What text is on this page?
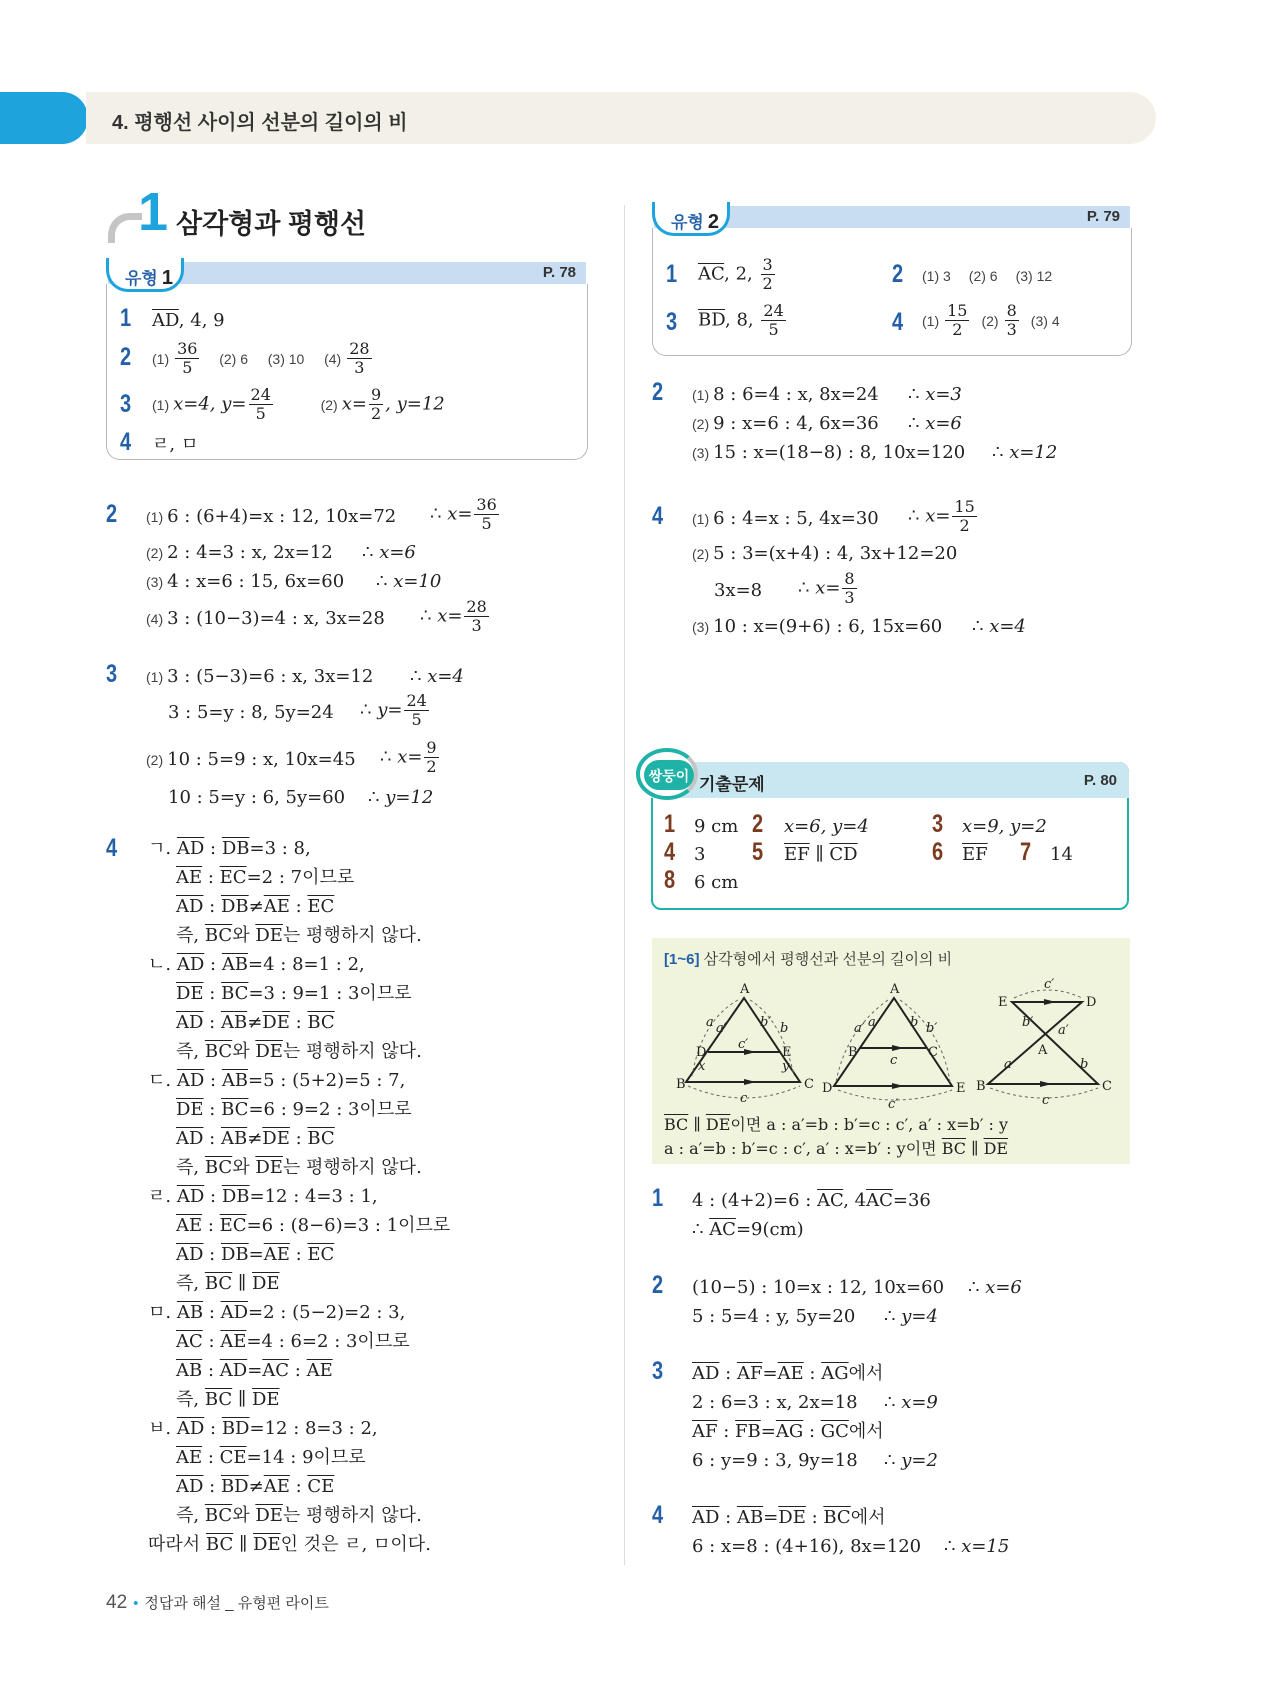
4. 평행선 사이의 선분의 길이의 비
1 삼각형과 평행선
P. 78
유형 1
1 $\overline{AD}$, 4, 9
2 $(1) \frac{36}{5} (2)$ 6 (3) 10 $(4) \frac{28}{3}$
3 (1) x=4, $y= \frac{24}{5}$	(2) $x= \frac{9}{2}$ , y=12
4 ㄹ, ㅁ
2 (1) 6 : (6+4)=x : 12, 10x=72 ∴ $x= \frac{36}{5}$
(2) 2 : 4=3 : x, 2x=12 ∴ x=6
(3) 4 : x=6 : 15, 6x=60 ∴ x=10
(4) 3 : (10−3)=4 : x, 3x=28 ∴ $x= \frac{28}{3}$
3 (1) 3 : (5−3)=6 : x, 3x=12 ∴ x=4
3 : 5=y : 8, 5y=24 ∴ $y= \frac{24}{5}$
(2) 10 : 5=9 : x, 10x=45 ∴ $x= \frac{9}{2}$
10 : 5=y : 6, 5y=60 ∴ y=12
4 ㄱ. $\overline{AD}$ : $\overline{DB}=3$ : 8,
$\overline{AE}$ : $\overline{EC}=2$ : 7이므로
$\overline{AD}$ : $\overline{DB}\ne\overline{AE}$ : $\overline{EC}$
즉, $\overline{BC}$와 $\overline{DE}$는 평행하지 않다.
ㄴ. $\overline{AD}$ : $\overline{AB}=4$ : 8=1 : 2,
$\overline{DE}$ : $\overline{BC}=3$ : 9=1 : 3이므로
$\overline{AD}$ : $\overline{AB}\ne\overline{DE}$ : $\overline{BC}$
즉, $\overline{BC}$와 $\overline{DE}$는 평행하지 않다.
ㄷ. $\overline{AD}$ : $\overline{AB}=5$ : (5+2)=5 : 7,
$\overline{DE}$ : $\overline{BC}=6$ : 9=2 : 3이므로
$\overline{AD}$ : $\overline{AB}\ne\overline{DE}$ : $\overline{BC}$
즉, $\overline{BC}$와 $\overline{DE}$는 평행하지 않다.
ㄹ. $\overline{AD}$ : $\overline{DB}=12$ : 4=3 : 1,
$\overline{AE}$ : $\overline{EC}=6$ : (8−6)=3 : 1이므로
$\overline{AD}$ : $\overline{DB}=\overline{AE}$ : $\overline{EC}$
즉, $\overline{BC}$ ∥ $\overline{DE}$
ㅁ. $\overline{AB}$ : $\overline{AD}=2$ : (5−2)=2 : 3,
$\overline{AC}$ : $\overline{AE}=4$ : 6=2 : 3이므로
$\overline{AB}$ : $\overline{AD}=\overline{AC}$ : $\overline{AE}$
즉, $\overline{BC}$ ∥ $\overline{DE}$
ㅂ. $\overline{AD}$ : $\overline{BD}=12$ : 8=3 : 2,
$\overline{AE}$ : $\overline{CE}=14$ : 9이므로
$\overline{AD}$ : $\overline{BD}\ne\overline{AE}$ : $\overline{CE}$
즉, $\overline{BC}$와 $\overline{DE}$는 평행하지 않다.
따라서 $\overline{BC}$ ∥ $\overline{DE}$인 것은 ㄹ, ㅁ이다.
P. 79
유형 2
1 $\overline{AC}$, 2, $\frac{3}{2}$	2 (1) 3 (2) 6 (3) 12
3 $\overline{BD}$, 8, $\frac{24}{5}$	4 $(1) \frac{15}{2} (2) \frac{8}{3} (3)$ 4
2 (1) 8 : 6=4 : x, 8x=24 ∴ x=3
(2) 9 : x=6 : 4, 6x=36 ∴ x=6
(3) 15 : x=(18−8) : 8, 10x=120 ∴ x=12
4 (1) 6 : 4=x : 5, 4x=30 ∴ $x= \frac{15}{2}$
(2) 5 : 3=(x+4) : 4, 3x+12=20
3x=8 ∴ $x= \frac{8}{3}$
(3) 10 : x=(9+6) : 6, 15x=60 ∴ x=4
기출문제	P. 80
쌍둥이
1 9 cm 2 x=6, y=4	3 x=9, y=2
4 3 5 $\overline{EF}$ ∥ $\overline{CD}$	6 $\overline{EF}$ 7 14
8 6 cm
[1~6] 삼각형에서 평행선과 선분의 길이의 비
A
B	C
D	E
a a′	b′ b
c′
c
x	y
A
B	C
D	E
a′ a	b b′
c
c′
E	D
A
B	C
c′
b′
a′
a	b
c
$\overline{BC}$ ∥ $\overline{DE}$이면 a : a′=b : b′=c : c′, a′ : x=b′ : y
a : a′=b : b′=c : c′, a′ : x=b′ : y이면 $\overline{BC}$ ∥ $\overline{DE}$
1 4 : (4+2)=6 : $\overline{AC}$, $4\overline{AC}=36$
∴ $\overline{AC}=9(cm)$
2 (10−5) : 10=x : 12, 10x=60 ∴ x=6
5 : 5=4 : y, 5y=20 ∴ y=4
3 $\overline{AD}$ : $\overline{AF}=\overline{AE}$ : $\overline{AG}$에서
2 : 6=3 : x, 2x=18 ∴ x=9
$\overline{AF}$ : $\overline{FB}=\overline{AG}$ : $\overline{GC}$에서
6 : y=9 : 3, 9y=18 ∴ y=2
4 $\overline{AD}$ : $\overline{AB}=\overline{DE}$ : $\overline{BC}$에서
6 : x=8 : (4+16), 8x=120 ∴ x=15
42 • 정답과 해설 _ 유형편 라이트
